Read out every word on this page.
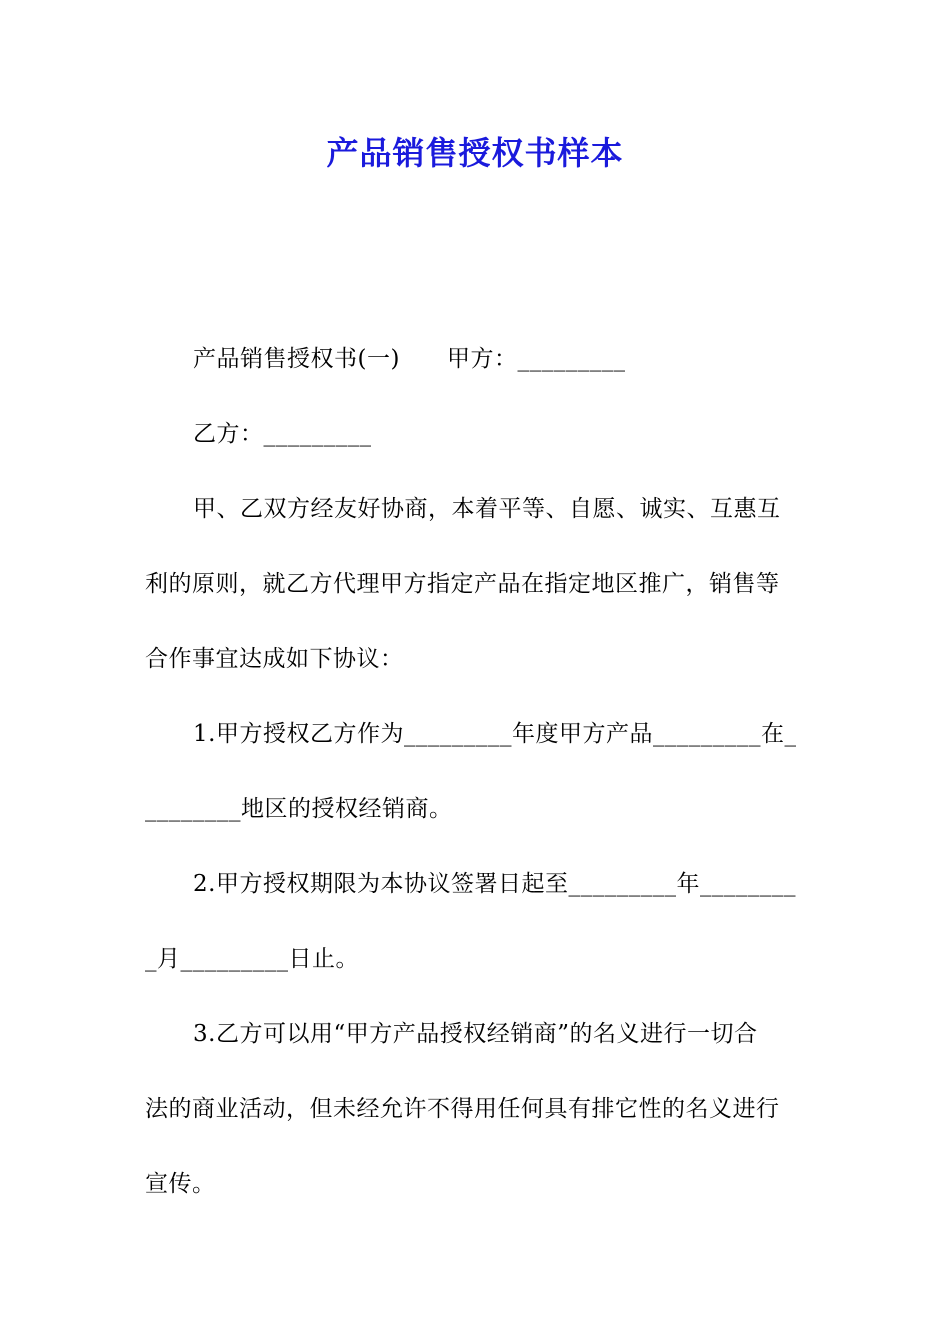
产品销售授权书样本
产品销售授权书(一)　　甲方：_________
乙方：_________
甲、乙双方经友好协商，本着平等、自愿、诚实、互惠互
利的原则，就乙方代理甲方指定产品在指定地区推广，销售等
合作事宜达成如下协议：
1.甲方授权乙方作为_________年度甲方产品_________在_
________地区的授权经销商。
2.甲方授权期限为本协议签署日起至_________年________
_月_________日止。
3.乙方可以用“甲方产品授权经销商”的名义进行一切合
法的商业活动，但未经允许不得用任何具有排它性的名义进行
宣传。
